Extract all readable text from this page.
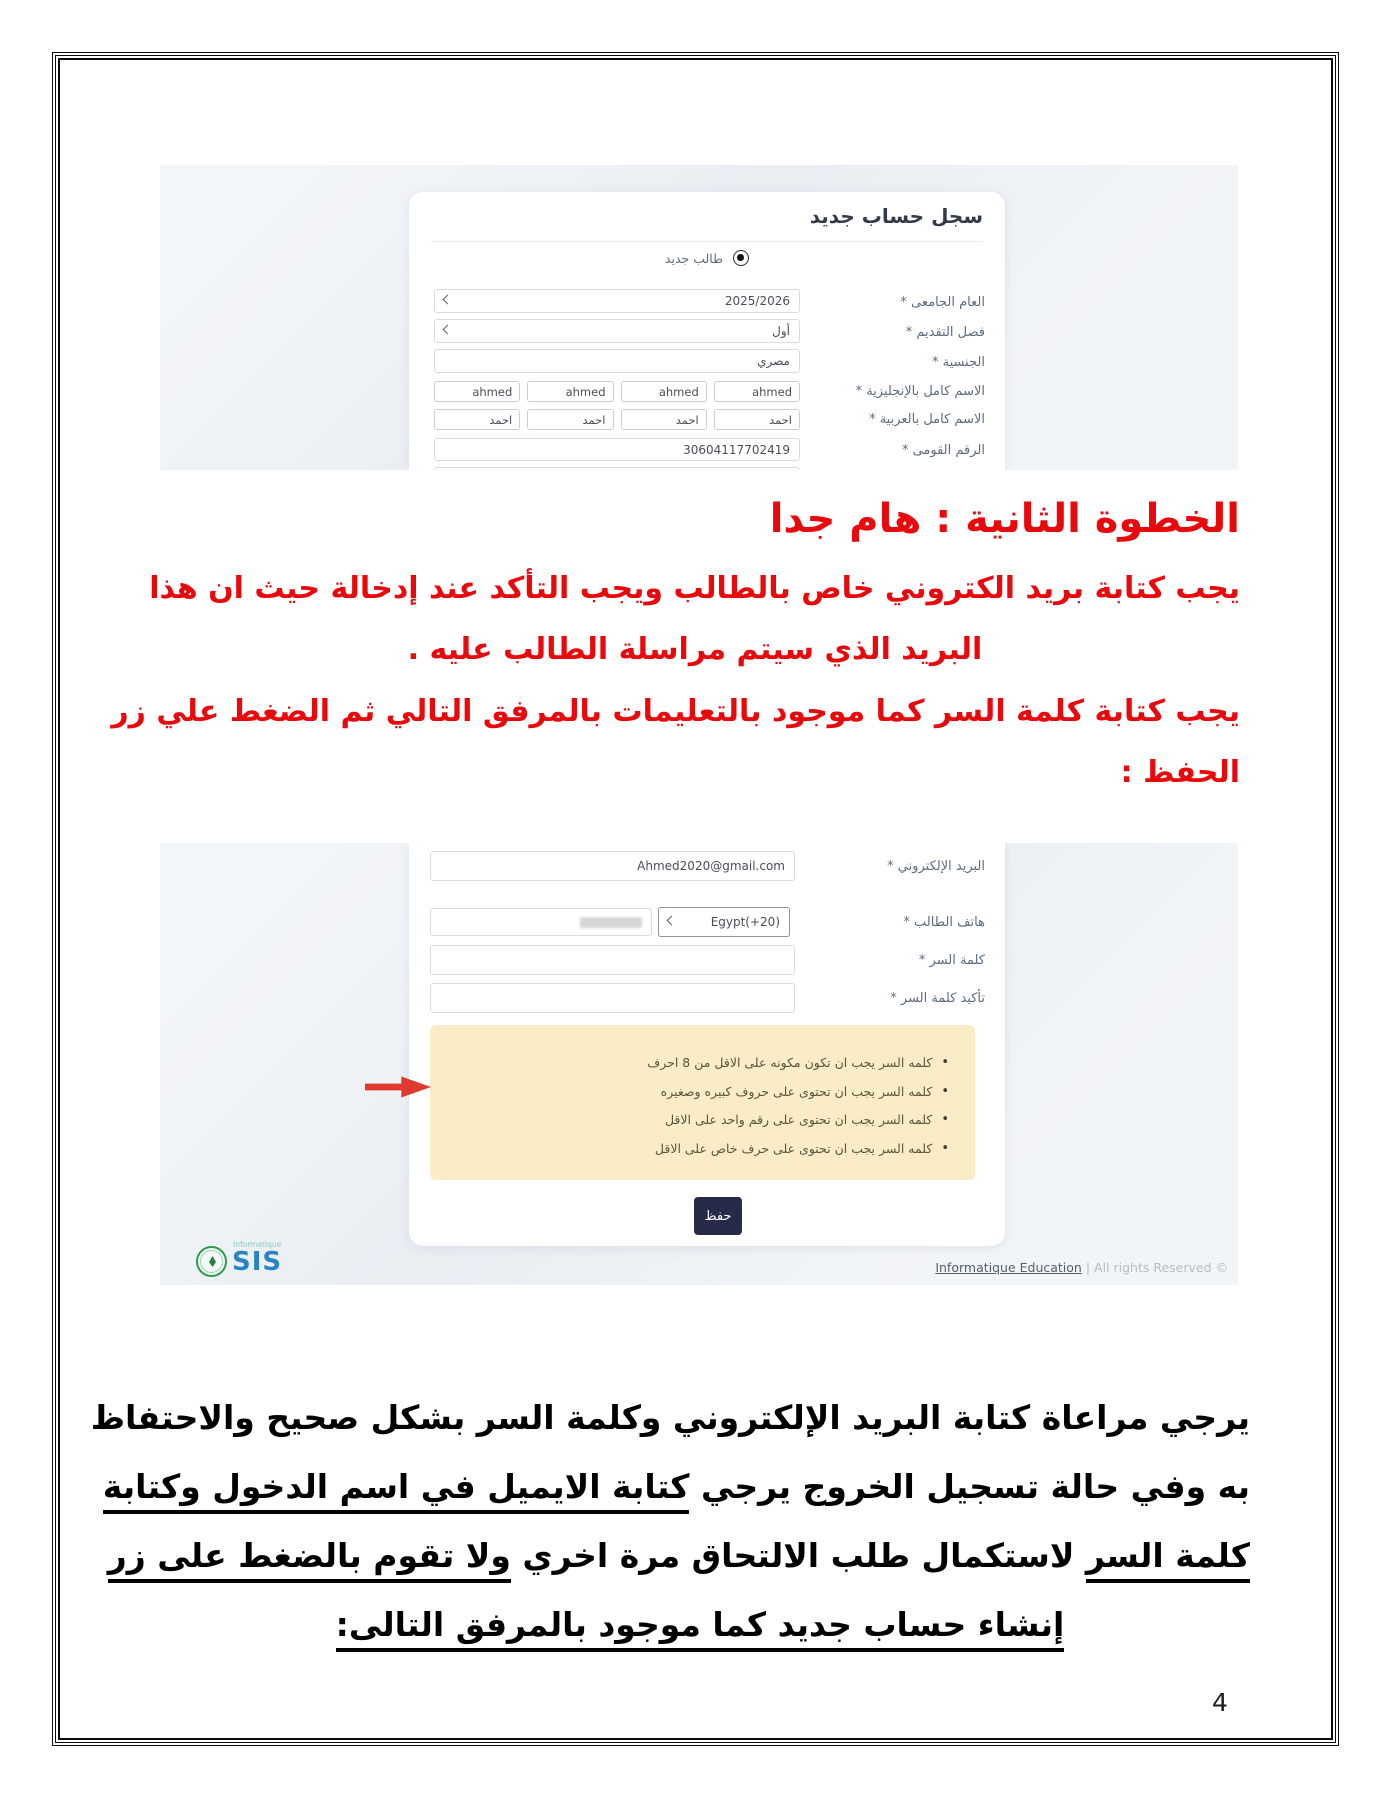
سجل حساب جديد
طالب جديد
العام الجامعى *
2025/2026
فصل التقديم *
أول
الجنسية *
مصري
الاسم كامل بالإنجليزية *
ahmed
ahmed
ahmed
ahmed
الاسم كامل بالعربية *
احمد
احمد
احمد
احمد
الرقم القومى *
30604117702419
الخطوة الثانية : هام جدا
يجب كتابة بريد الكتروني خاص بالطالب ويجب التأكد عند إدخالة حيث ان هذا
البريد الذي سيتم مراسلة الطالب عليه .
يجب كتابة كلمة السر كما موجود بالتعليمات بالمرفق التالي ثم الضغط علي زر
الحفظ :
البريد الإلكتروني *
Ahmed2020@gmail.com
هاتف الطالب *
Egypt(+20)
كلمة السر *
تأكيد كلمة السر *
•
كلمه السر يجب ان تكون مكونه على الاقل من 8 احرف
•
كلمه السر يجب ان تحتوى على حروف كبيره وصغيره
•
كلمه السر يجب ان تحتوى على رقم واحد على الاقل
•
كلمه السر يجب ان تحتوى على حرف خاص على الاقل
حفظ
Informatique
SIS	Informatique Education | All rights Reserved ©
يرجي مراعاة كتابة البريد الإلكتروني وكلمة السر بشكل صحيح والاحتفاظ
به وفي حالة تسجيل الخروج يرجي كتابة الايميل في اسم الدخول وكتابة
كلمة السر لاستكمال طلب الالتحاق مرة اخري ولا تقوم بالضغط على زر
إنشاء حساب جديد كما موجود بالمرفق التالى:
4
